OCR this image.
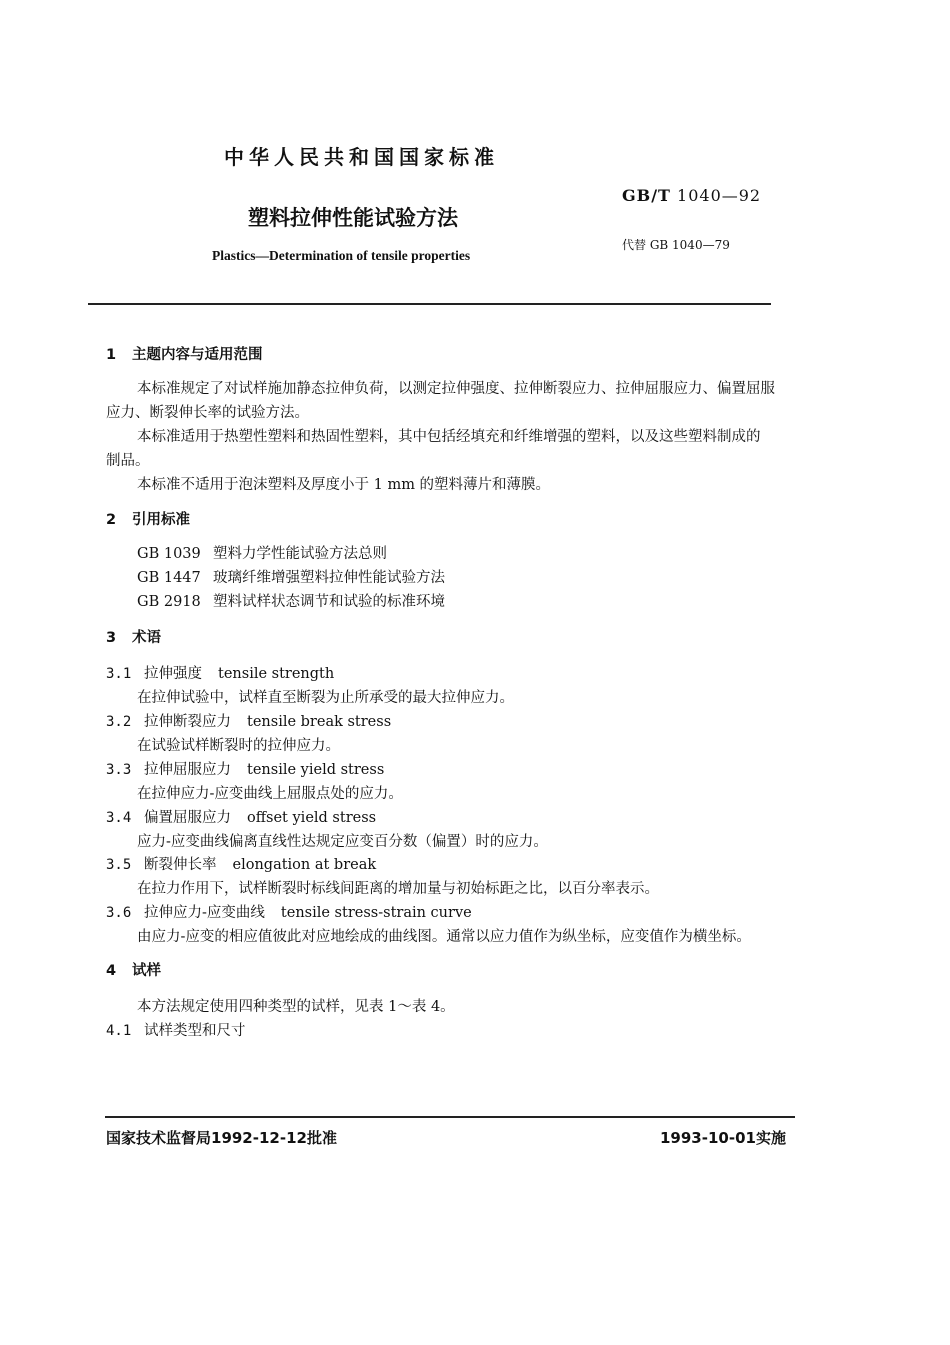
中华人民共和国国家标准
GB/T 1040—92
塑料拉伸性能试验方法
代替 GB 1040—79
Plastics—Determination of tensile properties
1 主题内容与适用范围
本标准规定了对试样施加静态拉伸负荷，以测定拉伸强度、拉伸断裂应力、拉伸屈服应力、偏置屈服
应力、断裂伸长率的试验方法。
本标准适用于热塑性塑料和热固性塑料，其中包括经填充和纤维增强的塑料，以及这些塑料制成的
制品。
本标准不适用于泡沫塑料及厚度小于 1 mm 的塑料薄片和薄膜。
2 引用标准
GB 1039 塑料力学性能试验方法总则
GB 1447 玻璃纤维增强塑料拉伸性能试验方法
GB 2918 塑料试样状态调节和试验的标准环境
3 术语
3.1 拉伸强度 tensile strength
在拉伸试验中，试样直至断裂为止所承受的最大拉伸应力。
3.2 拉伸断裂应力 tensile break stress
在试验试样断裂时的拉伸应力。
3.3 拉伸屈服应力 tensile yield stress
在拉伸应力-应变曲线上屈服点处的应力。
3.4 偏置屈服应力 offset yield stress
应力-应变曲线偏离直线性达规定应变百分数（偏置）时的应力。
3.5 断裂伸长率 elongation at break
在拉力作用下，试样断裂时标线间距离的增加量与初始标距之比，以百分率表示。
3.6 拉伸应力-应变曲线 tensile stress-strain curve
由应力-应变的相应值彼此对应地绘成的曲线图。通常以应力值作为纵坐标，应变值作为横坐标。
4 试样
本方法规定使用四种类型的试样，见表 1～表 4。
4.1 试样类型和尺寸
国家技术监督局1992-12-12批准	1993-10-01实施
